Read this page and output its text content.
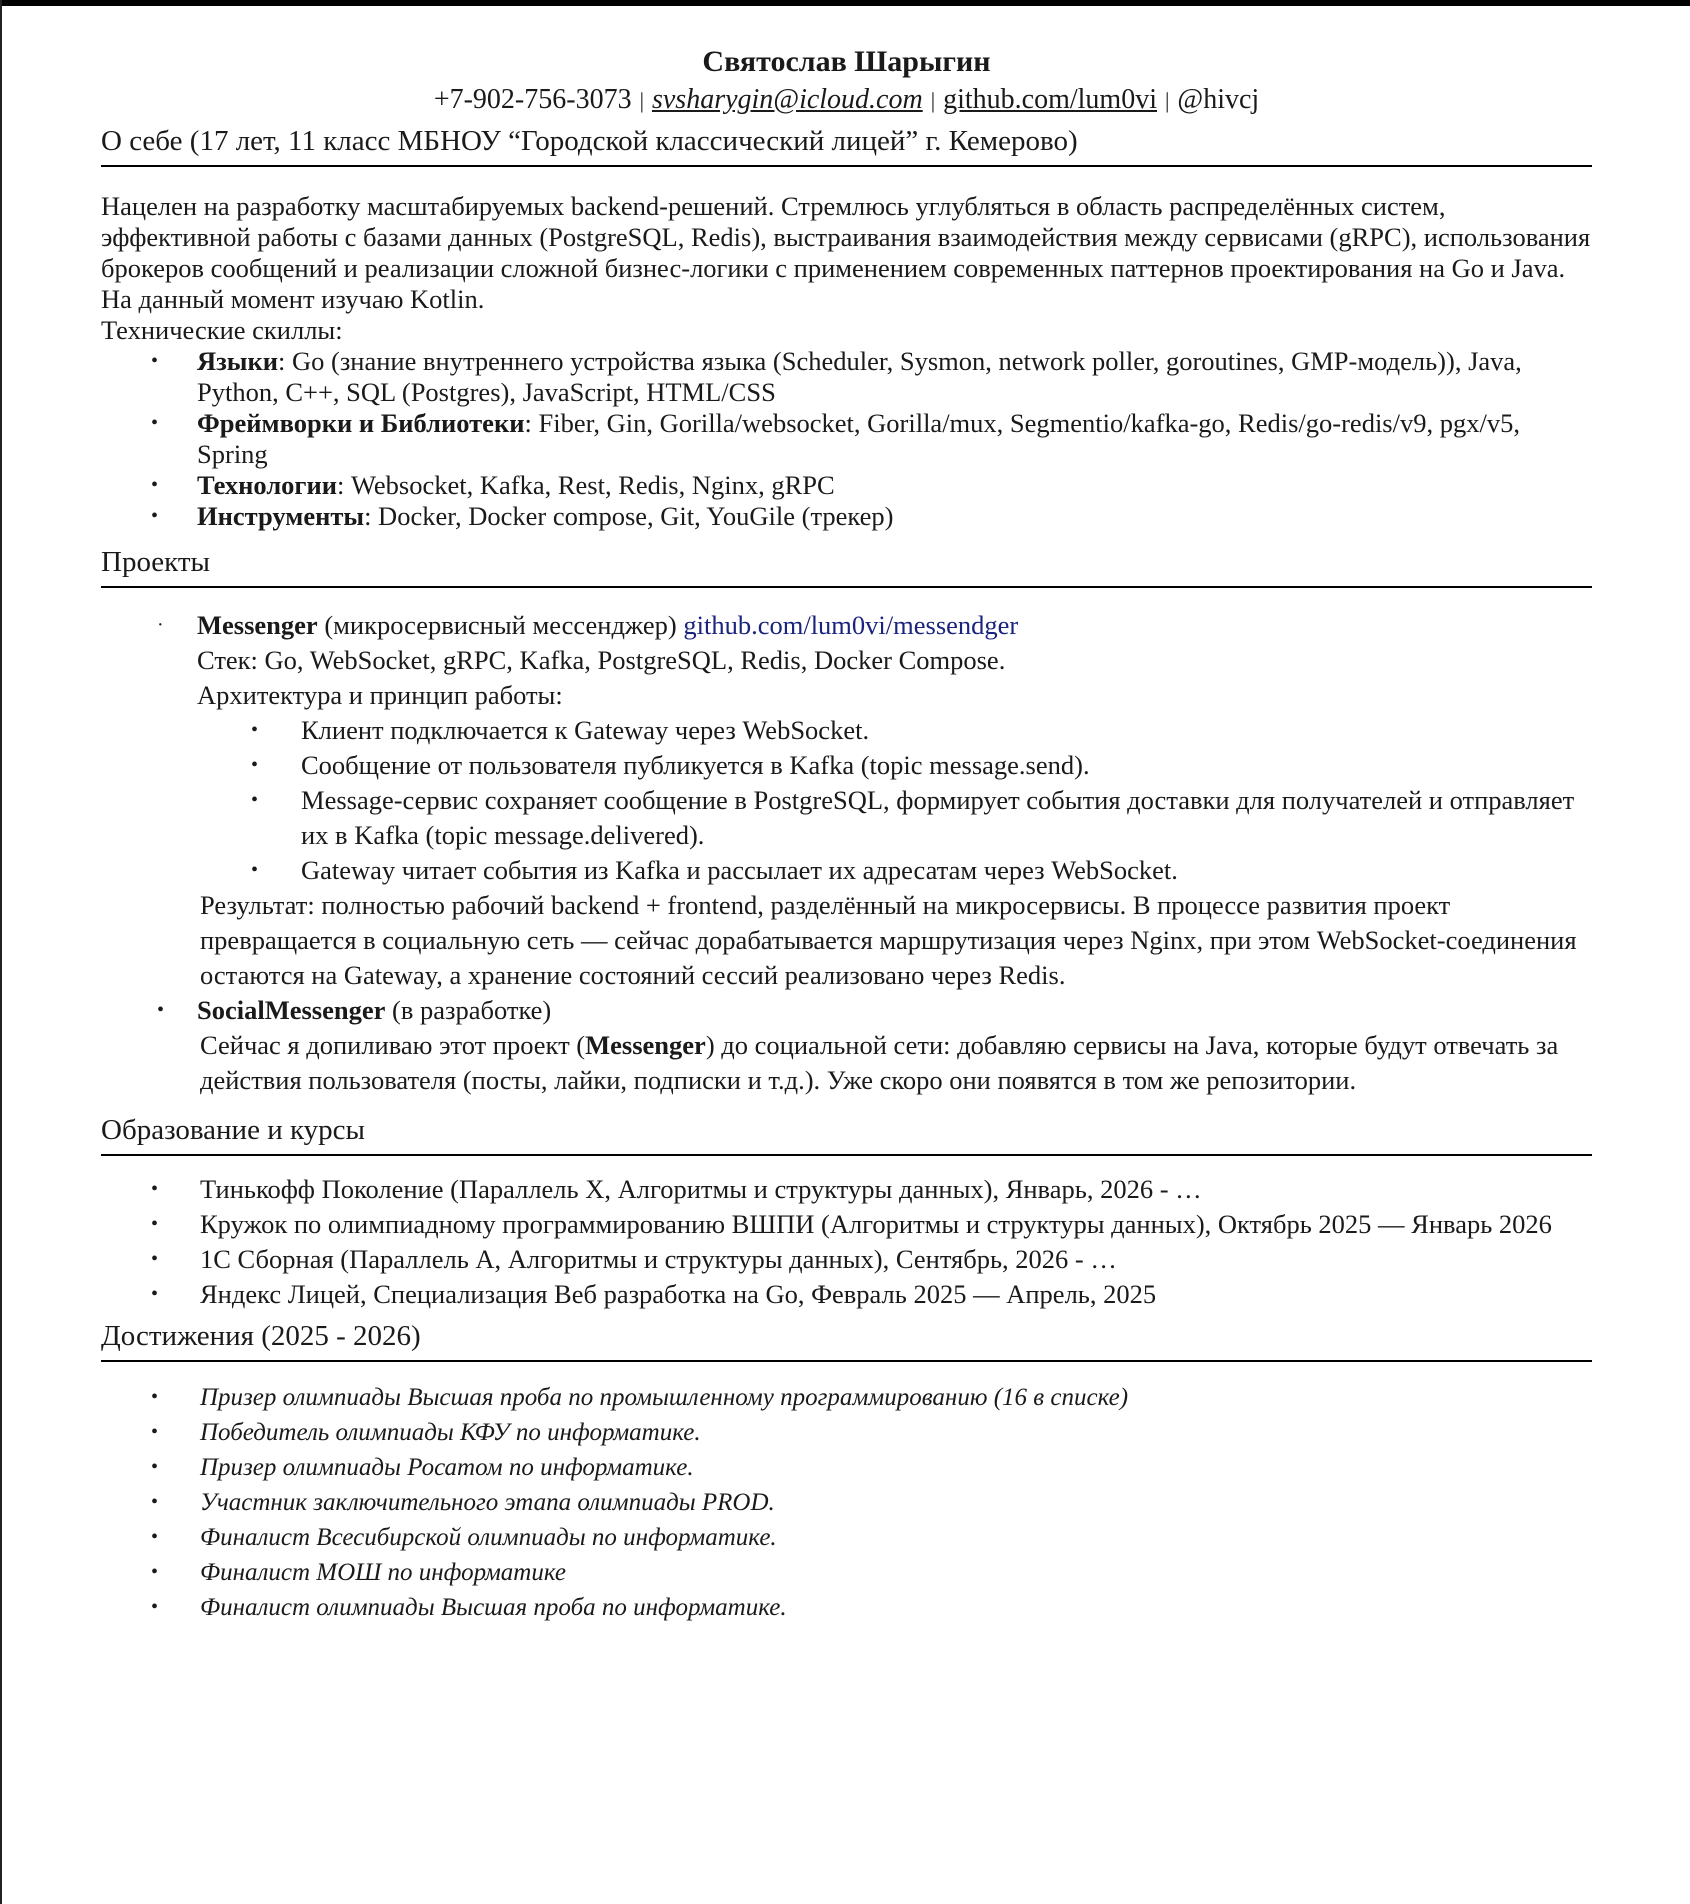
Святослав Шарыгин
+7-902-756-3073 | svsharygin@icloud.com | github.com/lum0vi | @hivcj
О себе (17 лет, 11 класс МБНОУ “Городской классический лицей” г. Кемерово)
Нацелен на разработку масштабируемых backend-решений. Стремлюсь углубляться в область распределённых систем, эффективной работы с базами данных (PostgreSQL, Redis), выстраивания взаимодействия между сервисами (gRPC), использования брокеров сообщений и реализации сложной бизнес-логики с применением современных паттернов проектирования на Go и Java. На данный момент изучаю Kotlin.
Технические скиллы:
• Языки: Go (знание внутреннего устройства языка (Scheduler, Sysmon, network poller, goroutines, GMP-модель)), Java, Python, C++, SQL (Postgres), JavaScript, HTML/CSS
• Фреймворки и Библиотеки: Fiber, Gin, Gorilla/websocket, Gorilla/mux, Segmentio/kafka-go, Redis/go-redis/v9, pgx/v5, Spring
• Технологии: Websocket, Kafka, Rest, Redis, Nginx, gRPC
• Инструменты: Docker, Docker compose, Git, YouGile (трекер)
Проекты
· Messenger (микросервисный мессенджер) github.com/lum0vi/messendger
Стек: Go, WebSocket, gRPC, Kafka, PostgreSQL, Redis, Docker Compose.
Архитектура и принцип работы:
• Клиент подключается к Gateway через WebSocket.
• Сообщение от пользователя публикуется в Kafka (topic message.send).
• Message-сервис сохраняет сообщение в PostgreSQL, формирует события доставки для получателей и отправляет их в Kafka (topic message.delivered).
• Gateway читает события из Kafka и рассылает их адресатам через WebSocket.
Результат: полностью рабочий backend + frontend, разделённый на микросервисы. В процессе развития проект превращается в социальную сеть — сейчас дорабатывается маршрутизация через Nginx, при этом WebSocket-соединения остаются на Gateway, а хранение состояний сессий реализовано через Redis.
• SocialMessenger (в разработке)
Сейчас я допиливаю этот проект (Messenger) до социальной сети: добавляю сервисы на Java, которые будут отвечать за действия пользователя (посты, лайки, подписки и т.д.). Уже скоро они появятся в том же репозитории.
Образование и курсы
• Тинькофф Поколение (Параллель X, Алгоритмы и структуры данных), Январь, 2026 - …
• Кружок по олимпиадному программированию ВШПИ (Алгоритмы и структуры данных), Октябрь 2025 — Январь 2026
• 1С Сборная (Параллель А, Алгоритмы и структуры данных), Сентябрь, 2026 - …
• Яндекс Лицей, Специализация Веб разработка на Go, Февраль 2025 — Апрель, 2025
Достижения (2025 - 2026)
• Призер олимпиады Высшая проба по промышленному программированию (16 в списке)
• Победитель олимпиады КФУ по информатике.
• Призер олимпиады Росатом по информатике.
• Участник заключительного этапа олимпиады PROD.
• Финалист Всесибирской олимпиады по информатике.
• Финалист МОШ по информатике
• Финалист олимпиады Высшая проба по информатике.
